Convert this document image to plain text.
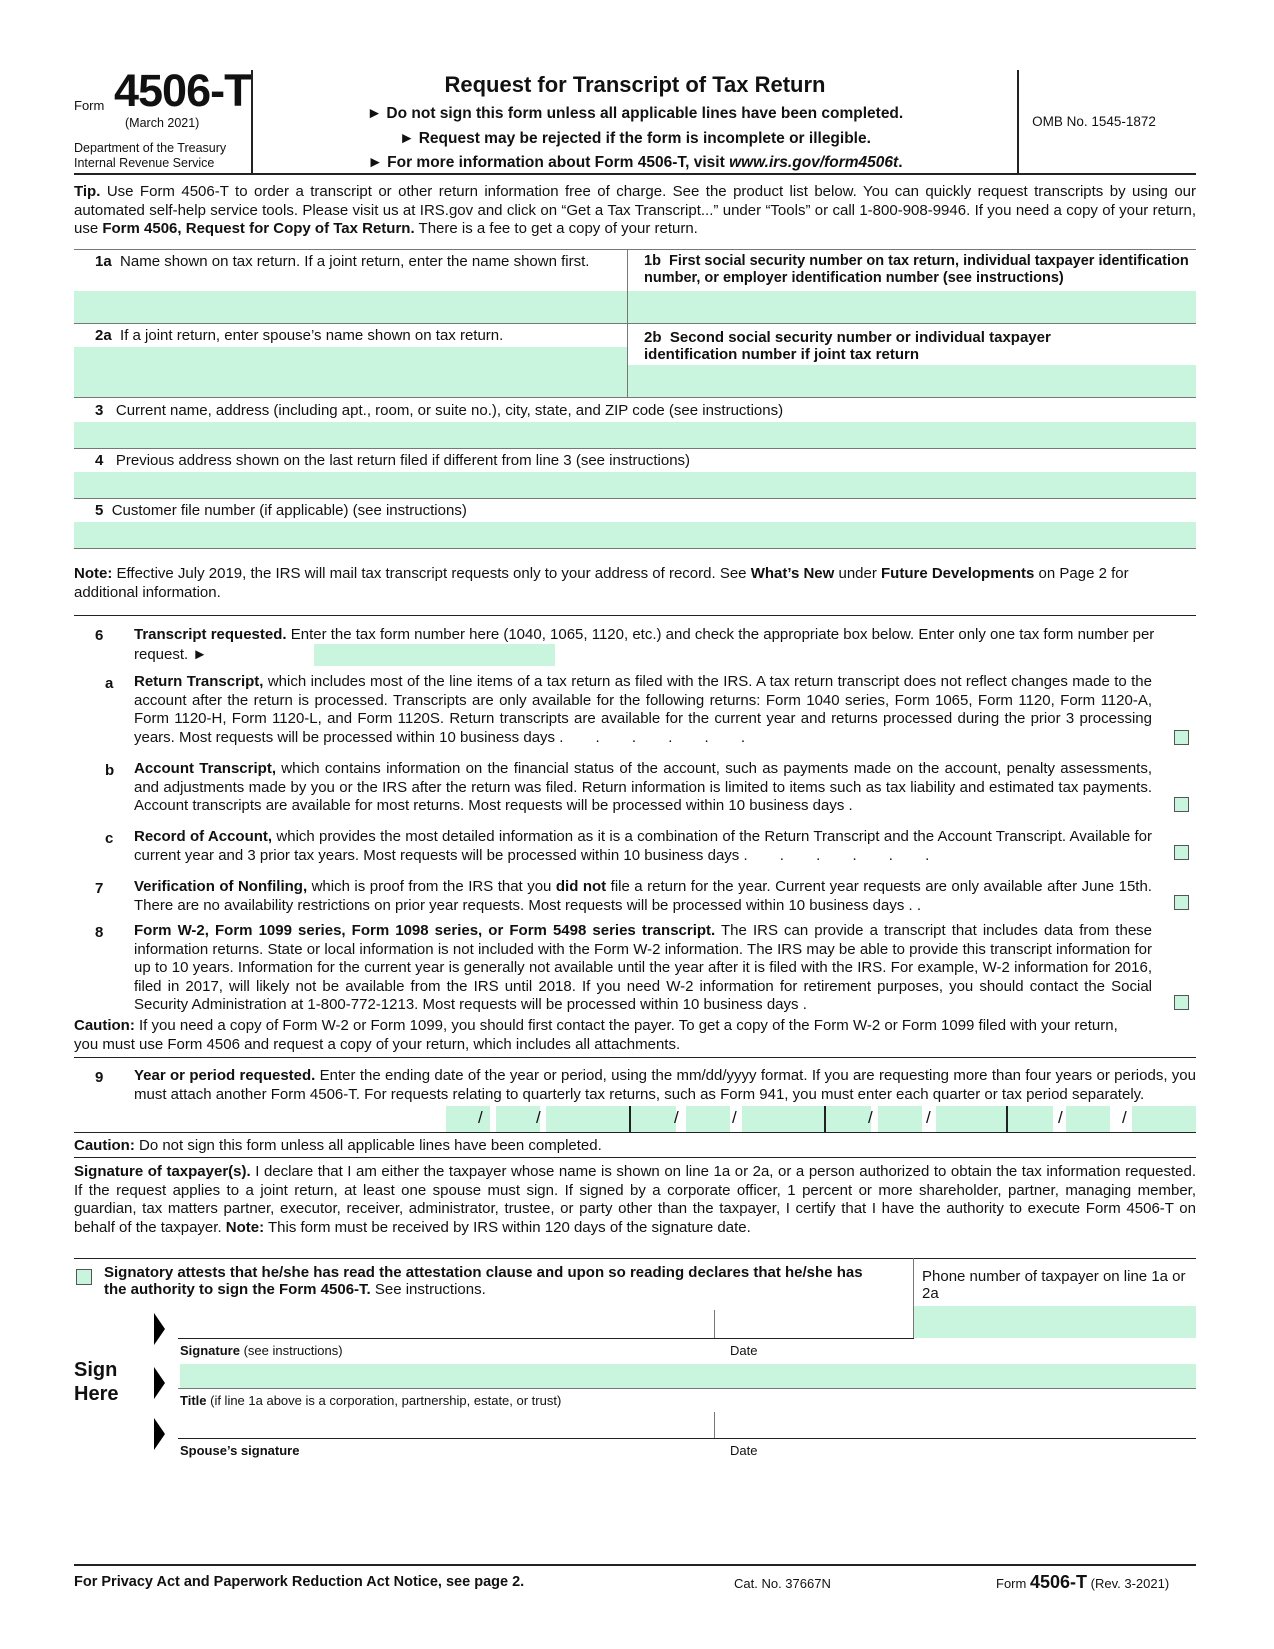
Form 4506-T
(March 2021)
Department of the Treasury
Internal Revenue Service
Request for Transcript of Tax Return
► Do not sign this form unless all applicable lines have been completed.
► Request may be rejected if the form is incomplete or illegible.
► For more information about Form 4506-T, visit www.irs.gov/form4506t.
OMB No. 1545-1872
Tip. Use Form 4506-T to order a transcript or other return information free of charge. See the product list below. You can quickly request transcripts by using our automated self-help service tools. Please visit us at IRS.gov and click on “Get a Tax Transcript...” under “Tools” or call 1-800-908-9946. If you need a copy of your return, use Form 4506, Request for Copy of Tax Return. There is a fee to get a copy of your return.
1a Name shown on tax return. If a joint return, enter the name shown first.	1b First social security number on tax return, individual taxpayer identification number, or employer identification number (see instructions)
2a If a joint return, enter spouse’s name shown on tax return.	2b Second social security number or individual taxpayer identification number if joint tax return
3 Current name, address (including apt., room, or suite no.), city, state, and ZIP code (see instructions)
4 Previous address shown on the last return filed if different from line 3 (see instructions)
5 Customer file number (if applicable) (see instructions)
Note: Effective July 2019, the IRS will mail tax transcript requests only to your address of record. See What’s New under Future Developments on Page 2 for additional information.
6 Transcript requested. Enter the tax form number here (1040, 1065, 1120, etc.) and check the appropriate box below. Enter only one tax form number per request. ►
a Return Transcript, which includes most of the line items of a tax return as filed with the IRS. A tax return transcript does not reflect changes made to the account after the return is processed. Transcripts are only available for the following returns: Form 1040 series, Form 1065, Form 1120, Form 1120-A, Form 1120-H, Form 1120-L, and Form 1120S. Return transcripts are available for the current year and returns processed during the prior 3 processing years. Most requests will be processed within 10 business days . . . . . .
b Account Transcript, which contains information on the financial status of the account, such as payments made on the account, penalty assessments, and adjustments made by you or the IRS after the return was filed. Return information is limited to items such as tax liability and estimated tax payments. Account transcripts are available for most returns. Most requests will be processed within 10 business days .
c Record of Account, which provides the most detailed information as it is a combination of the Return Transcript and the Account Transcript. Available for current year and 3 prior tax years. Most requests will be processed within 10 business days . . . . . .
7 Verification of Nonfiling, which is proof from the IRS that you did not file a return for the year. Current year requests are only available after June 15th. There are no availability restrictions on prior year requests. Most requests will be processed within 10 business days . .
8 Form W-2, Form 1099 series, Form 1098 series, or Form 5498 series transcript. The IRS can provide a transcript that includes data from these information returns. State or local information is not included with the Form W-2 information. The IRS may be able to provide this transcript information for up to 10 years. Information for the current year is generally not available until the year after it is filed with the IRS. For example, W-2 information for 2016, filed in 2017, will likely not be available from the IRS until 2018. If you need W-2 information for retirement purposes, you should contact the Social Security Administration at 1-800-772-1213. Most requests will be processed within 10 business days .
Caution: If you need a copy of Form W-2 or Form 1099, you should first contact the payer. To get a copy of the Form W-2 or Form 1099 filed with your return, you must use Form 4506 and request a copy of your return, which includes all attachments.
9 Year or period requested. Enter the ending date of the year or period, using the mm/dd/yyyy format. If you are requesting more than four years or periods, you must attach another Form 4506-T. For requests relating to quarterly tax returns, such as Form 941, you must enter each quarter or tax period separately.
/	/	/	/	/	/	/	/
Caution: Do not sign this form unless all applicable lines have been completed.
Signature of taxpayer(s). I declare that I am either the taxpayer whose name is shown on line 1a or 2a, or a person authorized to obtain the tax information requested. If the request applies to a joint return, at least one spouse must sign. If signed by a corporate officer, 1 percent or more shareholder, partner, managing member, guardian, tax matters partner, executor, receiver, administrator, trustee, or party other than the taxpayer, I certify that I have the authority to execute Form 4506-T on behalf of the taxpayer. Note: This form must be received by IRS within 120 days of the signature date.
Signatory attests that he/she has read the attestation clause and upon so reading declares that he/she has the authority to sign the Form 4506-T. See instructions.
Phone number of taxpayer on line 1a or 2a
Sign
Here
Signature (see instructions)	Date
Title (if line 1a above is a corporation, partnership, estate, or trust)
Spouse’s signature	Date
For Privacy Act and Paperwork Reduction Act Notice, see page 2.	Cat. No. 37667N	Form 4506-T (Rev. 3-2021)
